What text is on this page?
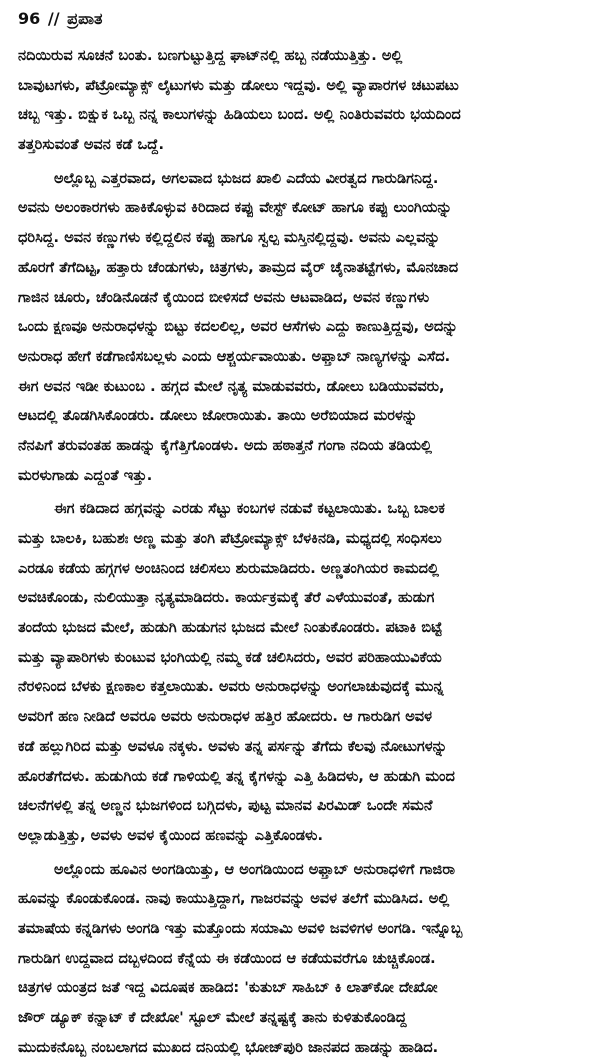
96 // ಪ್ರಪಾತ
ನದಿಯಿರುವ ಸೂಚನೆ ಬಂತು. ಬಣಗುಟ್ಟುತ್ತಿದ್ದ ಘಾಟ್‌ನಲ್ಲಿ ಹಬ್ಬ ನಡೆಯುತ್ತಿತ್ತು. ಅಲ್ಲಿ
ಬಾವುಟಗಳು, ಪೆಟ್ರೋಮ್ಯಾಕ್ಸ್ ಲೈಟುಗಳು ಮತ್ತು ಡೋಲು ಇದ್ದವು. ಅಲ್ಲಿ ವ್ಯಾಪಾರಗಳ ಚಟುಪಟು
ಚಬ್ಬ ಇತ್ತು. ಬಿಕ್ಷುಕ ಒಬ್ಬ ನನ್ನ ಕಾಲುಗಳನ್ನು ಹಿಡಿಯಲು ಬಂದ. ಅಲ್ಲಿ ನಿಂತಿರುವವರು ಭಯದಿಂದ
ತತ್ತರಿಸುವಂತೆ ಅವನ ಕಡೆ ಒದ್ದೆ.
ಅಲ್ಲೊಬ್ಬ ಎತ್ತರವಾದ, ಅಗಲವಾದ ಭುಜದ ಖಾಲಿ ಎದೆಯ ವೀರತ್ವದ ಗಾರುಡಿಗನಿದ್ದ.
ಅವನು ಅಲಂಕಾರಗಳು ಹಾಕಿಕೊಳ್ಳುವ ಕಿರಿದಾದ ಕಪ್ಪು ವೇಸ್ಟ್ ಕೋಟ್ ಹಾಗೂ ಕಪ್ಪು ಲುಂಗಿಯನ್ನು
ಧರಿಸಿದ್ದ. ಅವನ ಕಣ್ಣುಗಳು ಕಲ್ಲಿದ್ದಲಿನ ಕಪ್ಪು ಹಾಗೂ ಸ್ವಲ್ಪ ಮಸ್ತಿನಲ್ಲಿದ್ದವು. ಅವನು ಎಲ್ಲವನ್ನು
ಹೊರಗೆ ತೆಗೆದಿಟ್ಟ, ಹತ್ತಾರು ಚೆಂಡುಗಳು, ಚಿತ್ರಗಳು, ತಾಮ್ರದ ವೈರ್ ಚೈನಾತಟ್ಟೆಗಳು, ಮೊನಚಾದ
ಗಾಜಿನ ಚೂರು, ಚೆಂಡಿನೊಡನೆ ಕೈಯಿಂದ ಬೀಳಿಸದೆ ಅವನು ಆಟವಾಡಿದ, ಅವನ ಕಣ್ಣುಗಳು
ಒಂದು ಕ್ಷಣವೂ ಅನುರಾಧಳನ್ನು ಬಿಟ್ಟು ಕದಲಲಿಲ್ಲ, ಅವರ ಆಸೆಗಳು ಎದ್ದು ಕಾಣುತ್ತಿದ್ದವು, ಅದನ್ನು
ಅನುರಾಧ ಹೇಗೆ ಕಡೆಗಾಣಿಸಬಲ್ಲಳು ಎಂದು ಆಶ್ಚರ್ಯವಾಯಿತು. ಅಫ್ತಾಬ್ ನಾಣ್ಯಗಳನ್ನು ಎಸೆದ.
ಈಗ ಅವನ ಇಡೀ ಕುಟುಂಬ . ಹಗ್ಗದ ಮೇಲೆ ನೃತ್ಯ ಮಾಡುವವರು, ಡೋಲು ಬಡಿಯುವವರು,
ಆಟದಲ್ಲಿ ತೊಡಗಿಸಿಕೊಂಡರು. ಡೋಲು ಜೋರಾಯಿತು. ತಾಯಿ ಅರೆಬಿಯಾದ ಮರಳನ್ನು
ನೆನಪಿಗೆ ತರುವಂತಹ ಹಾಡನ್ನು ಕೈಗೆತ್ತಿಗೊಂಡಳು. ಅದು ಹಠಾತ್ತನೆ ಗಂಗಾ ನದಿಯ ತಡಿಯಲ್ಲಿ
ಮರಳುಗಾಡು ಎದ್ದಂತೆ ಇತ್ತು.
ಈಗ ಕಡಿದಾದ ಹಗ್ಗವನ್ನು ಎರಡು ಸೆಟ್ಟು ಕಂಬಗಳ ನಡುವೆ ಕಟ್ಟಲಾಯಿತು. ಒಬ್ಬ ಬಾಲಕ
ಮತ್ತು ಬಾಲಕಿ, ಬಹುಶಃ ಅಣ್ಣ ಮತ್ತು ತಂಗಿ ಪೆಟ್ರೋಮ್ಯಾಕ್ಸ್ ಬೆಳಕಿನಡಿ, ಮಧ್ಯದಲ್ಲಿ ಸಂಧಿಸಲು
ಎರಡೂ ಕಡೆಯ ಹಗ್ಗಗಳ ಅಂಚಿನಿಂದ ಚಲಿಸಲು ಶುರುಮಾಡಿದರು. ಅಣ್ಣತಂಗಿಯರ ಕಾಮದಲ್ಲಿ
ಅವಚಿಕೊಂಡು, ನುಲಿಯುತ್ತಾ ನೃತ್ಯಮಾಡಿದರು. ಕಾರ್ಯಕ್ರಮಕ್ಕೆ ತೆರೆ ಎಳೆಯುವಂತೆ, ಹುಡುಗ
ತಂದೆಯ ಭುಜದ ಮೇಲೆ, ಹುಡುಗಿ ಹುಡುಗನ ಭುಜದ ಮೇಲೆ ನಿಂತುಕೊಂಡರು. ಪಟಾಕಿ ಬಿಟ್ಟೆ
ಮತ್ತು ವ್ಯಾಪಾರಿಗಳು ಕುಂಟುವ ಭಂಗಿಯಲ್ಲಿ ನಮ್ಮ ಕಡೆ ಚಲಿಸಿದರು, ಅವರ ಪರಿಹಾಯುವಿಕೆಯ
ನೆರಳಿನಿಂದ ಬೆಳಕು ಕ್ಷಣಕಾಲ ಕತ್ತಲಾಯಿತು. ಅವರು ಅನುರಾಧಳನ್ನು ಅಂಗಲಾಚುವುದಕ್ಕೆ ಮುನ್ನ
ಅವರಿಗೆ ಹಣ ನೀಡಿದೆ ಅವರೂ ಅವರು ಅನುರಾಧಳ ಹತ್ತಿರ ಹೋದರು. ಆ ಗಾರುಡಿಗ ಅವಳ
ಕಡೆ ಹಲ್ಲುಗಿರಿದ ಮತ್ತು ಅವಳೂ ನಕ್ಕಳು. ಅವಳು ತನ್ನ ಪರ್ಸನ್ನು ತೆಗೆದು ಕೆಲವು ನೋಟುಗಳನ್ನು
ಹೊರತೆಗೆದಳು. ಹುಡುಗಿಯ ಕಡೆ ಗಾಳಿಯಲ್ಲಿ ತನ್ನ ಕೈಗಳನ್ನು ಎತ್ತಿ ಹಿಡಿದಳು, ಆ ಹುಡುಗಿ ಮಂದ
ಚಲನೆಗಳಲ್ಲಿ ತನ್ನ ಅಣ್ಣನ ಭುಜಗಳಿಂದ ಬಗ್ಗಿದಳು, ಪುಟ್ಟ ಮಾನವ ಪಿರಮಿಡ್ ಒಂದೇ ಸಮನೆ
ಅಲ್ಲಾಡುತ್ತಿತ್ತು, ಅವಳು ಅವಳ ಕೈಯಿಂದ ಹಣವನ್ನು ಎತ್ತಿಕೊಂಡಳು.
ಅಲ್ಲೊಂದು ಹೂವಿನ ಅಂಗಡಿಯಿತ್ತು, ಆ ಅಂಗಡಿಯಿಂದ ಅಫ್ತಾಬ್ ಅನುರಾಧಳಿಗೆ ಗಾಜಿರಾ
ಹೂವನ್ನು ಕೊಂಡುಕೊಂಡ. ನಾವು ಕಾಯುತ್ತಿದ್ದಾಗ, ಗಾಜರವನ್ನು ಅವಳ ತಲೆಗೆ ಮುಡಿಸಿದ. ಅಲ್ಲಿ
ತಮಾಷೆಯ ಕನ್ನಡಿಗಳು ಅಂಗಡಿ ಇತ್ತು ಮತ್ತೊಂದು ಸಯಾಮಿ ಅವಳಿ ಜವಳಿಗಳ ಅಂಗಡಿ. ಇನ್ನೊಬ್ಬ
ಗಾರುಡಿಗ ಉದ್ದವಾದ ದಬ್ಬಳದಿಂದ ಕೆನ್ನೆಯ ಈ ಕಡೆಯಿಂದ ಆ ಕಡೆಯವರೆಗೂ ಚುಚ್ಚಿಕೊಂಡ.
ಚಿತ್ರಗಳ ಯಂತ್ರದ ಜತೆ ಇದ್ದ ವಿದೂಷಕ ಹಾಡಿದ: 'ಕುತುಬ್ ಸಾಹಿಬ್ ಕಿ ಲಾತ್‌ಕೋ ದೇಖೋ
ಜೌರ್ ಡ್ಯೂಕ್ ಕನ್ನಾಟ್ ಕೆ ದೇಖೋ' ಸ್ಟೂಲ್ ಮೇಲೆ ತನ್ನಷ್ಟಕ್ಕೆ ತಾನು ಕುಳಿತುಕೊಂಡಿದ್ದ
ಮುದುಕನೊಬ್ಬ ನಂಬಲಾಗದ ಮುಖದ ದನಿಯಲ್ಲಿ ಭೋಜ್‌ಪುರಿ ಜಾನಪದ ಹಾಡನ್ನು ಹಾಡಿದ.
